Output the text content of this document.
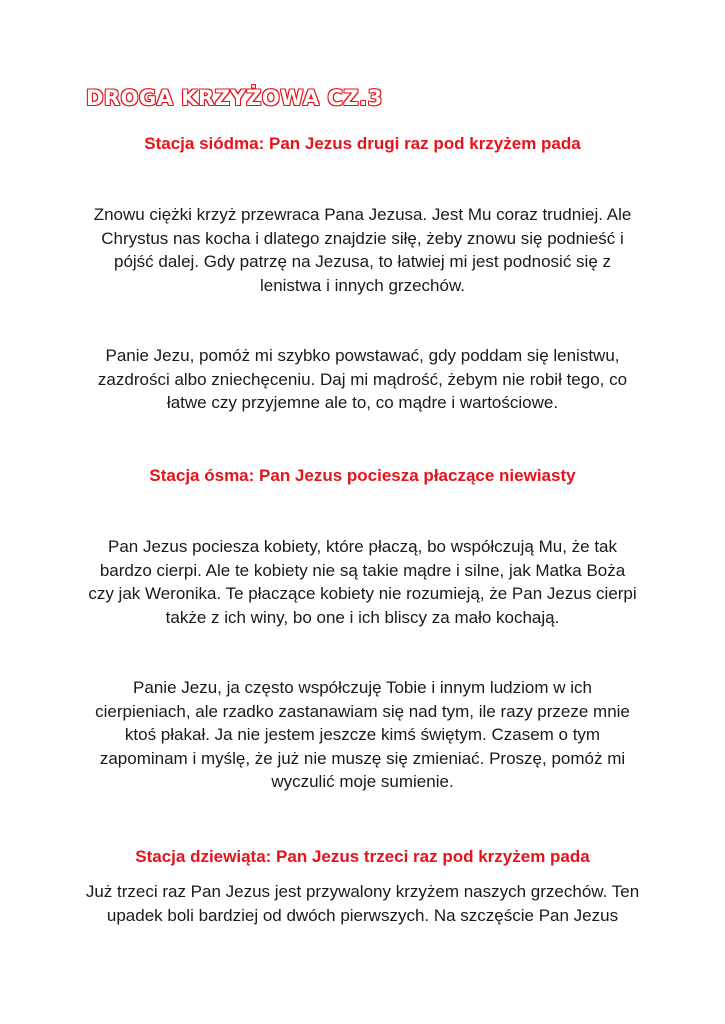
DROGA KRZYŻOWA CZ.3
Stacja siódma: Pan Jezus drugi raz pod krzyżem pada
Znowu ciężki krzyż przewraca Pana Jezusa. Jest Mu coraz trudniej. Ale
Chrystus nas kocha i dlatego znajdzie siłę, żeby znowu się podnieść i
pójść dalej. Gdy patrzę na Jezusa, to łatwiej mi jest podnosić się z
lenistwa i innych grzechów.
Panie Jezu, pomóż mi szybko powstawać, gdy poddam się lenistwu,
zazdrości albo zniechęceniu. Daj mi mądrość, żebym nie robił tego, co
łatwe czy przyjemne ale to, co mądre i wartościowe.
Stacja ósma: Pan Jezus pociesza płaczące niewiasty
Pan Jezus pociesza kobiety, które płaczą, bo współczują Mu, że tak
bardzo cierpi. Ale te kobiety nie są takie mądre i silne, jak Matka Boża
czy jak Weronika. Te płaczące kobiety nie rozumieją, że Pan Jezus cierpi
także z ich winy, bo one i ich bliscy za mało kochają.
Panie Jezu, ja często współczuję Tobie i innym ludziom w ich
cierpieniach, ale rzadko zastanawiam się nad tym, ile razy przeze mnie
ktoś płakał. Ja nie jestem jeszcze kimś świętym. Czasem o tym
zapominam i myślę, że już nie muszę się zmieniać. Proszę, pomóż mi
wyczulić moje sumienie.
Stacja dziewiąta: Pan Jezus trzeci raz pod krzyżem pada
Już trzeci raz Pan Jezus jest przywalony krzyżem naszych grzechów. Ten
upadek boli bardziej od dwóch pierwszych. Na szczęście Pan Jezus
